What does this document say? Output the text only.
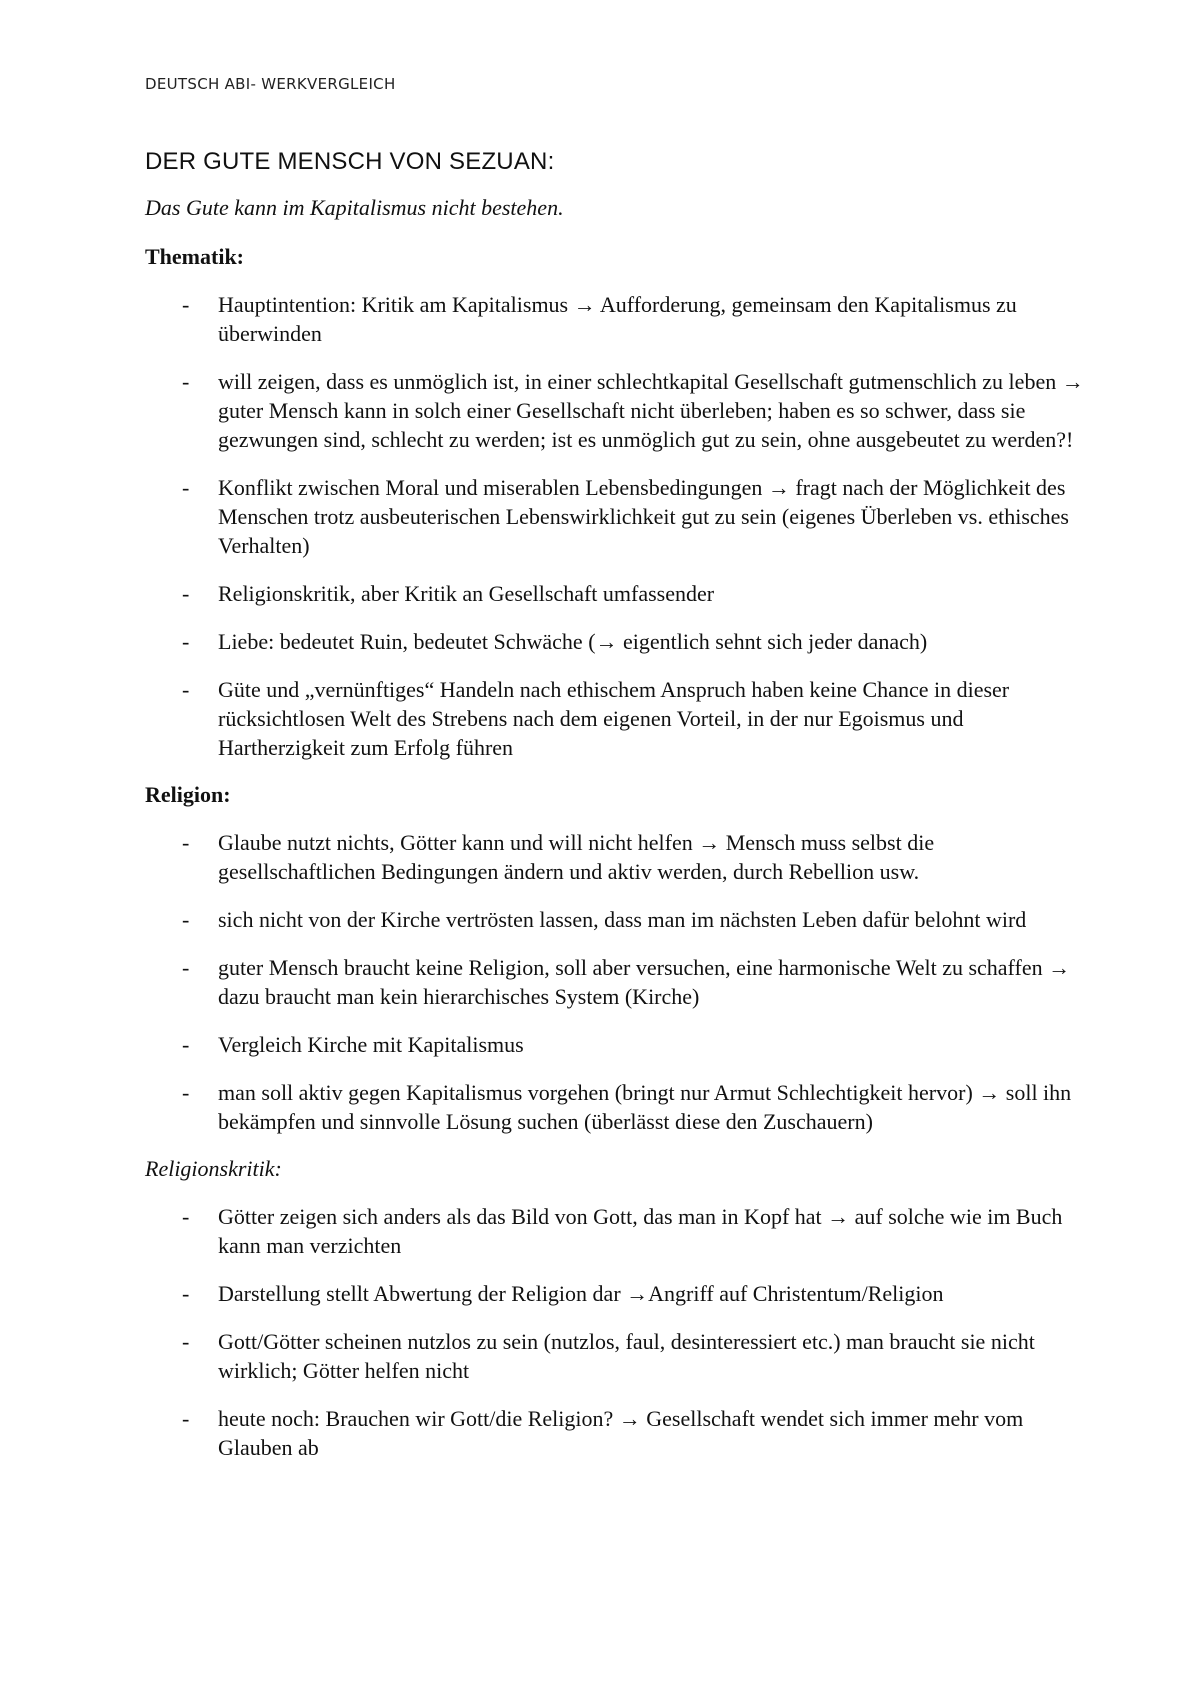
DEUTSCH ABI- WERKVERGLEICH
DER GUTE MENSCH VON SEZUAN:
Das Gute kann im Kapitalismus nicht bestehen.
Thematik:
- Hauptintention: Kritik am Kapitalismus → Aufforderung, gemeinsam den Kapitalismus zu überwinden
- will zeigen, dass es unmöglich ist, in einer schlechtkapital Gesellschaft gutmenschlich zu leben → guter Mensch kann in solch einer Gesellschaft nicht überleben; haben es so schwer, dass sie gezwungen sind, schlecht zu werden; ist es unmöglich gut zu sein, ohne ausgebeutet zu werden?!
- Konflikt zwischen Moral und miserablen Lebensbedingungen → fragt nach der Möglichkeit des Menschen trotz ausbeuterischen Lebenswirklichkeit gut zu sein (eigenes Überleben vs. ethisches Verhalten)
- Religionskritik, aber Kritik an Gesellschaft umfassender
- Liebe: bedeutet Ruin, bedeutet Schwäche (→ eigentlich sehnt sich jeder danach)
- Güte und „vernünftiges“ Handeln nach ethischem Anspruch haben keine Chance in dieser rücksichtlosen Welt des Strebens nach dem eigenen Vorteil, in der nur Egoismus und Hartherzigkeit zum Erfolg führen
Religion:
- Glaube nutzt nichts, Götter kann und will nicht helfen → Mensch muss selbst die gesellschaftlichen Bedingungen ändern und aktiv werden, durch Rebellion usw.
- sich nicht von der Kirche vertrösten lassen, dass man im nächsten Leben dafür belohnt wird
- guter Mensch braucht keine Religion, soll aber versuchen, eine harmonische Welt zu schaffen → dazu braucht man kein hierarchisches System (Kirche)
- Vergleich Kirche mit Kapitalismus
- man soll aktiv gegen Kapitalismus vorgehen (bringt nur Armut Schlechtigkeit hervor) → soll ihn bekämpfen und sinnvolle Lösung suchen (überlässt diese den Zuschauern)
Religionskritik:
- Götter zeigen sich anders als das Bild von Gott, das man in Kopf hat → auf solche wie im Buch kann man verzichten
- Darstellung stellt Abwertung der Religion dar →Angriff auf Christentum/Religion
- Gott/Götter scheinen nutzlos zu sein (nutzlos, faul, desinteressiert etc.) man braucht sie nicht wirklich; Götter helfen nicht
- heute noch: Brauchen wir Gott/die Religion? → Gesellschaft wendet sich immer mehr vom Glauben ab
